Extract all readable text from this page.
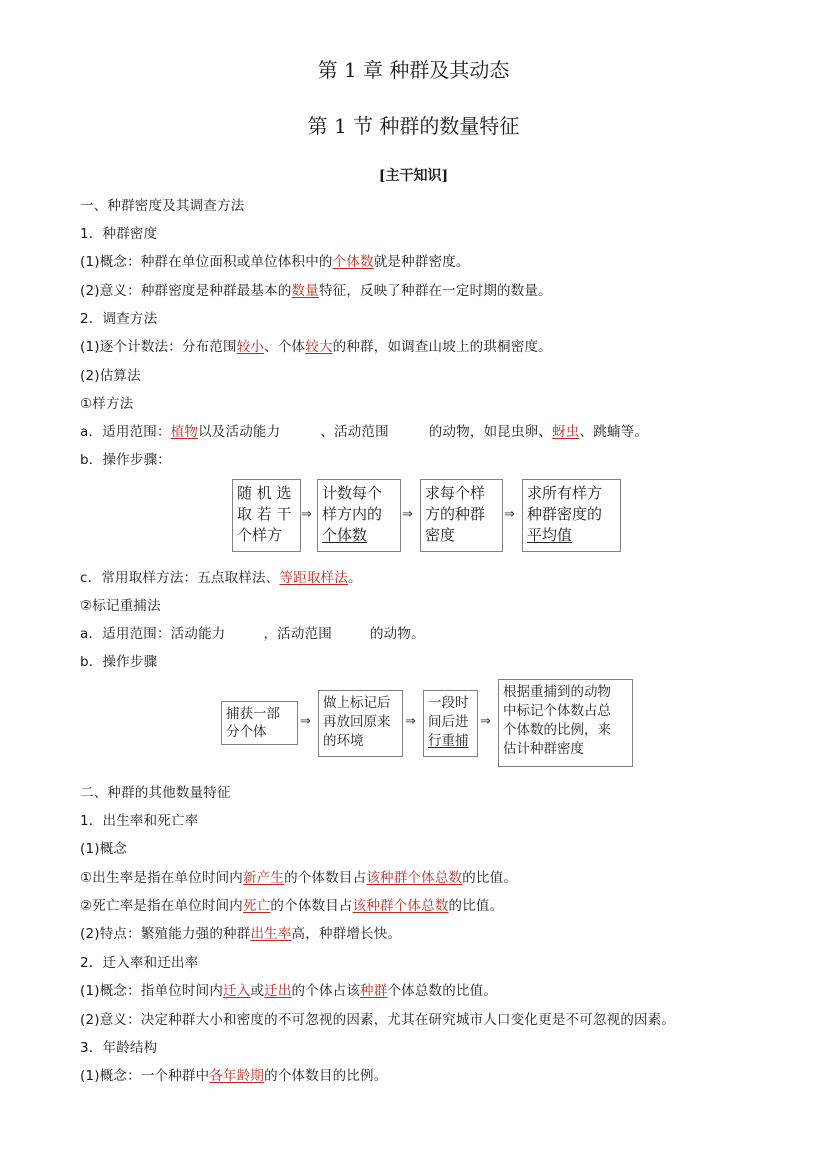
第 1 章 种群及其动态
第 1 节 种群的数量特征
[主干知识]
一、种群密度及其调查方法
1．种群密度
(1)概念：种群在单位面积或单位体积中的个体数就是种群密度。
(2)意义：种群密度是种群最基本的数量特征，反映了种群在一定时期的数量。
2．调查方法
(1)逐个计数法：分布范围较小、个体较大的种群，如调查山坡上的珙桐密度。
(2)估算法
①样方法
a．适用范围：植物以及活动能力	、活动范围	的动物，如昆虫卵、蚜虫、跳蝻等。
b．操作步骤：
随 机 选
取 若 干
个样方
⇒
计数每个
样方内的
个体数
⇒
求每个样
方的种群
密度
⇒
求所有样方
种群密度的
平均值
c．常用取样方法：五点取样法、等距取样法。
②标记重捕法
a．适用范围：活动能力	，活动范围	的动物。
b．操作步骤
捕获一部
分个体
⇒
做上标记后
再放回原来
的环境
⇒
一段时
间后进
行重捕
⇒
根据重捕到的动物
中标记个体数占总
个体数的比例，来
估计种群密度
二、种群的其他数量特征
1．出生率和死亡率
(1)概念
①出生率是指在单位时间内新产生的个体数目占该种群个体总数的比值。
②死亡率是指在单位时间内死亡的个体数目占该种群个体总数的比值。
(2)特点：繁殖能力强的种群出生率高，种群增长快。
2．迁入率和迁出率
(1)概念：指单位时间内迁入或迁出的个体占该种群个体总数的比值。
(2)意义：决定种群大小和密度的不可忽视的因素，尤其在研究城市人口变化更是不可忽视的因素。
3．年龄结构
(1)概念：一个种群中各年龄期的个体数目的比例。
